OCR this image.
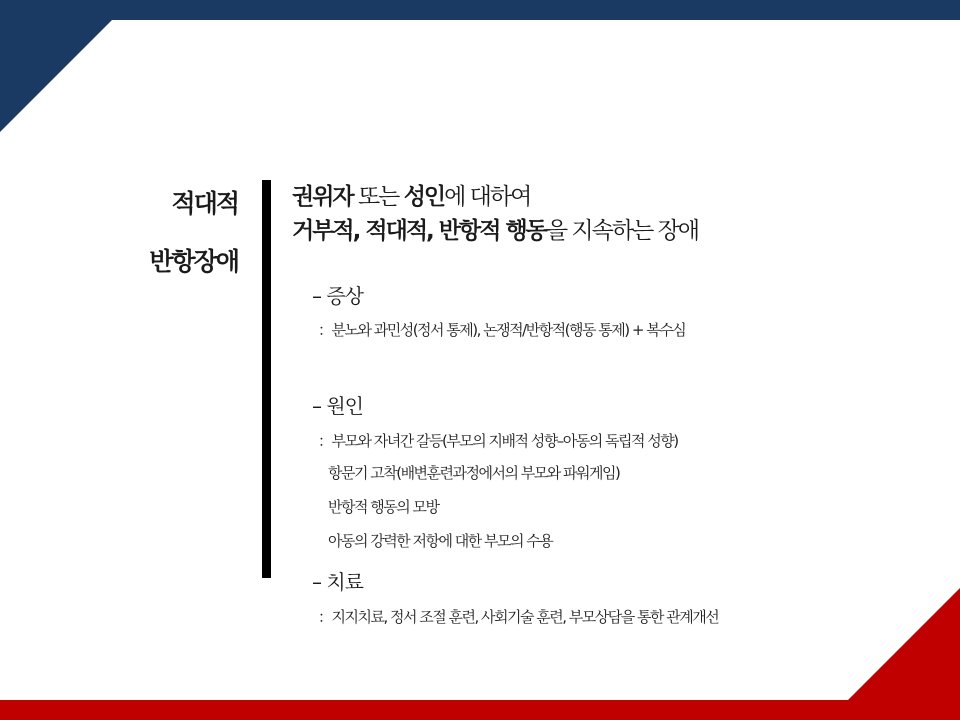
적대적
반항장애
권위자 또는 성인에 대하여
거부적, 적대적, 반항적 행동을 지속하는 장애
– 증상
：분노와 과민성(정서 통제), 논쟁적/반항적(행동 통제) + 복수심
– 원인
：부모와 자녀간 갈등(부모의 지배적 성향–아동의 독립적 성향)
항문기 고착(배변훈련과정에서의 부모와 파워게임)
반항적 행동의 모방
아동의 강력한 저항에 대한 부모의 수용
– 치료
：지지치료, 정서 조절 훈련, 사회기술 훈련, 부모상담을 통한 관계개선
